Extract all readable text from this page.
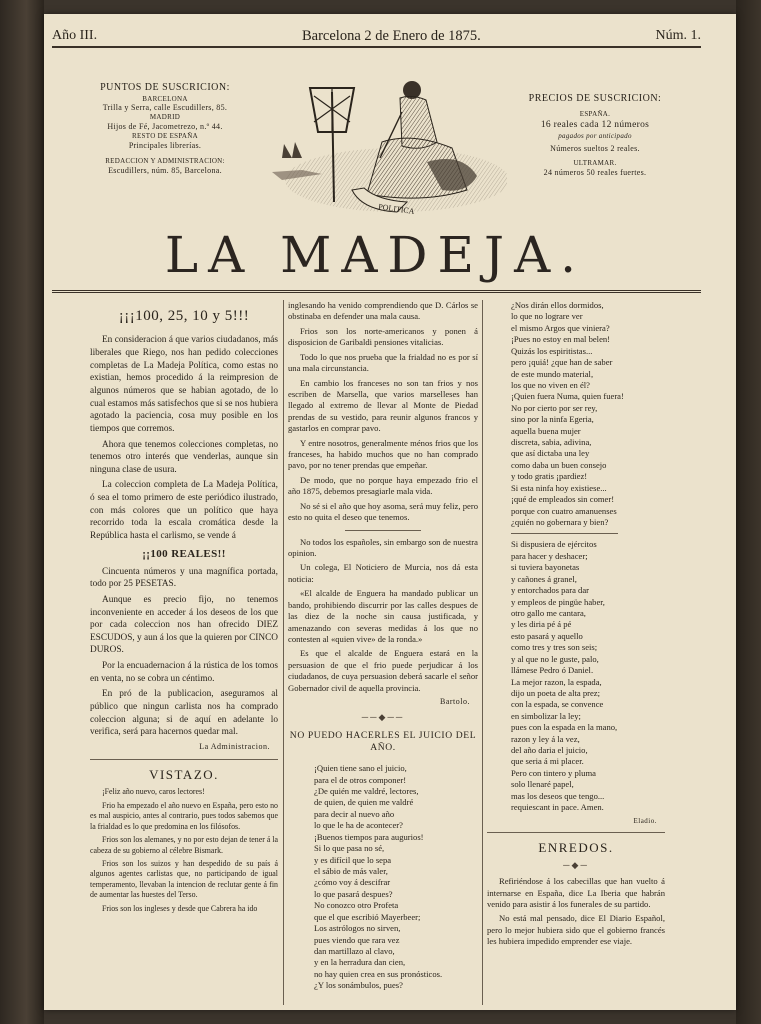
Año III.	Barcelona 2 de Enero de 1875.	Núm. 1.
PUNTOS DE SUSCRICION:
BARCELONA
Trilla y Serra, calle Escudillers, 85.
MADRID
Hijos de Fé, Jacometrezo, n.º 44.
RESTO DE ESPAÑA
Principales librerías.
REDACCION Y ADMINISTRACION:
Escudillers, núm. 85, Barcelona.
POLITICA
PRECIOS DE SUSCRICION:
ESPAÑA.
16 reales cada 12 números
pagados por anticipado
Números sueltos 2 reales.
ULTRAMAR.
24 números 50 reales fuertes.
LA MADEJA.
¡¡¡100, 25, 10 y 5!!!

En consideracion á que varios ciudadanos, más liberales que Riego, nos han pedido colecciones completas de La Madeja Política, como estas no existian, hemos procedido á la reimpresion de algunos números que se habian agotado, de lo cual estamos más satisfechos que si se nos hubiera agotado la paciencia, cosa muy posible en los tiempos que corremos.

Ahora que tenemos colecciones completas, no tenemos otro interés que venderlas, aunque sin ninguna clase de usura.

La coleccion completa de La Madeja Política, ó sea el tomo primero de este periódico ilustrado, con más colores que un político que haya recorrido toda la escala cromática desde la República hasta el carlismo, se vende á

¡¡100 REALES!!

Cincuenta números y una magnífica portada, todo por 25 PESETAS.

Aunque es precio fijo, no tenemos inconveniente en acceder á los deseos de los que por cada coleccion nos han ofrecido DIEZ ESCUDOS, y aun á los que la quieren por CINCO DUROS.

Por la encuadernacion á la rústica de los tomos en venta, no se cobra un céntimo.

En pró de la publicacion, aseguramos al público que ningun carlista nos ha comprado coleccion alguna; si de aquí en adelante lo verifica, será para hacernos quedar mal.

La Administracion.
VISTAZO.

¡Feliz año nuevo, caros lectores!

Frio ha empezado el año nuevo en España, pero esto no es mal auspicio, antes al contrario, pues todos sabemos que la frialdad es lo que predomina en los filósofos.

Frios son los alemanes, y no por esto dejan de tener á la cabeza de su gobierno al célebre Bismark.

Frios son los suizos y han despedido de su país á algunos agentes carlistas que, no participando de igual temperamento, llevaban la intencion de reclutar gente á fin de aumentar las huestes del Terso.

Frios son los ingleses y desde que Cabrera ha ido

inglesando ha venido comprendiendo que D. Cárlos se obstinaba en defender una mala causa.

Frios son los norte-americanos y ponen á disposicion de Garibaldi pensiones vitalicias.

Todo lo que nos prueba que la frialdad no es por sí una mala circunstancia.

En cambio los franceses no son tan frios y nos escriben de Marsella, que varios marselleses han llegado al extremo de llevar al Monte de Piedad prendas de su vestido, para reunir algunos francos y gastarlos en comprar pavo.

Y entre nosotros, generalmente ménos frios que los franceses, ha habido muchos que no han comprado pavo, por no tener prendas que empeñar.

De modo, que no porque haya empezado frio el año 1875, debemos presagiarle mala vida.

No sé si el año que hoy asoma, será muy feliz, pero esto no quita el deseo que tenemos.

No todos los españoles, sin embargo son de nuestra opinion.

Un colega, El Noticiero de Murcia, nos dá esta noticia:

«El alcalde de Enguera ha mandado publicar un bando, prohibiendo discurrir por las calles despues de las diez de la noche sin causa justificada, y amenazando con severas medidas á los que no contesten al «quien vive» de la ronda.»

Es que el alcalde de Enguera estará en la persuasion de que el frio puede perjudicar á los ciudadanos, de cuya persuasion deberá sacarle el señor Gobernador civil de aquella provincia.

Bartolo.
──◆──
NO PUEDO HACERLES EL JUICIO DEL AÑO.
¡Quien tiene sano el juicio,
para el de otros componer!
¿De quién me valdré, lectores,
de quien, de quien me valdré
para decir al nuevo año
lo que le ha de acontecer?
¡Buenos tiempos para augurios!
Si lo que pasa no sé,
y es difícil que lo sepa
el sábio de más valer,
¿cómo voy á descifrar
lo que pasará despues?
No conozco otro Profeta
que el que escribió Mayerbeer;
Los astrólogos no sirven,
pues viendo que rara vez
dan martillazo al clavo,
y en la herradura dan cien,
no hay quien crea en sus pronósticos.
¿Y los sonámbulos, pues?
¿Nos dirán ellos dormidos,
lo que no lograre ver
el mismo Argos que viniera?
¡Pues no estoy en mal belen!
Quizás los espiritistas...
pero ¡quiá! ¿que han de saber
de este mundo material,
los que no viven en él?
¡Quien fuera Numa, quien fuera!
No por cierto por ser rey,
sino por la ninfa Egeria,
aquella buena mujer
discreta, sabia, adivina,
que así dictaba una ley
como daba un buen consejo
y todo gratis ¡pardiez!
Si esta ninfa hoy existiese...
¡qué de empleados sin comer!
porque con cuatro amanuenses
¿quién no gobernara y bien?
Si dispusiera de ejércitos
para hacer y deshacer;
si tuviera bayonetas
y cañones á granel,
y entorchados para dar
y empleos de pingüe haber,
otro gallo me cantara,
y les diria pé á pé
esto pasará y aquello
como tres y tres son seis;
y al que no le guste, palo,
llámese Pedro ó Daniel.
La mejor razon, la espada,
dijo un poeta de alta prez;
con la espada, se convence
en simbolizar la ley;
pues con la espada en la mano,
razon y ley á la vez,
del año daria el juicio,
que seria á mi placer.
Pero con tintero y pluma
solo llenaré papel,
mas los deseos que tengo...
requiescant in pace. Amen.
Eladio.
ENREDOS.
─◆─

Refiriéndose á los cabecillas que han vuelto á internarse en España, dice La Iberia que habrán venido para asistir á los funerales de su partido.

No está mal pensado, dice El Diario Español, pero lo mejor hubiera sido que el gobierno francés les hubiera impedido emprender ese viaje.
